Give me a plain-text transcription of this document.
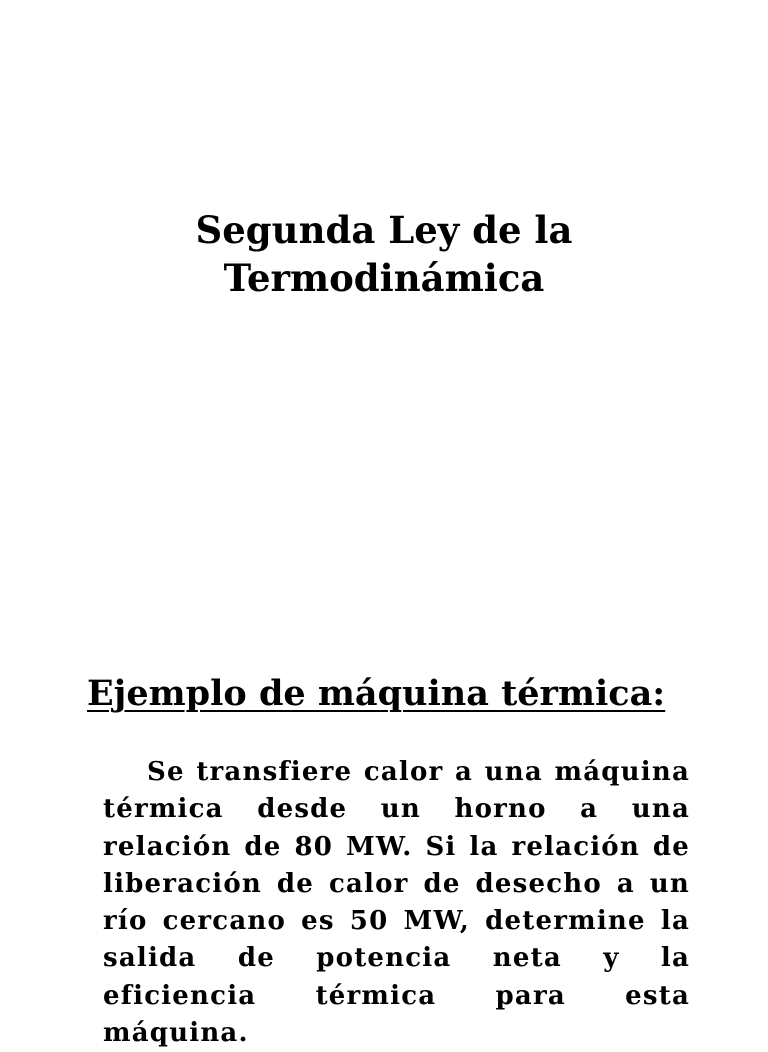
Segunda Ley de la
Termodinámica
Ejemplo de máquina térmica:

Se transfiere calor a una máquina térmica desde un horno a una relación de 80 MW. Si la relación de liberación de calor de desecho a un río cercano es 50 MW, determine la salida de potencia neta y la eficiencia térmica para esta máquina.
